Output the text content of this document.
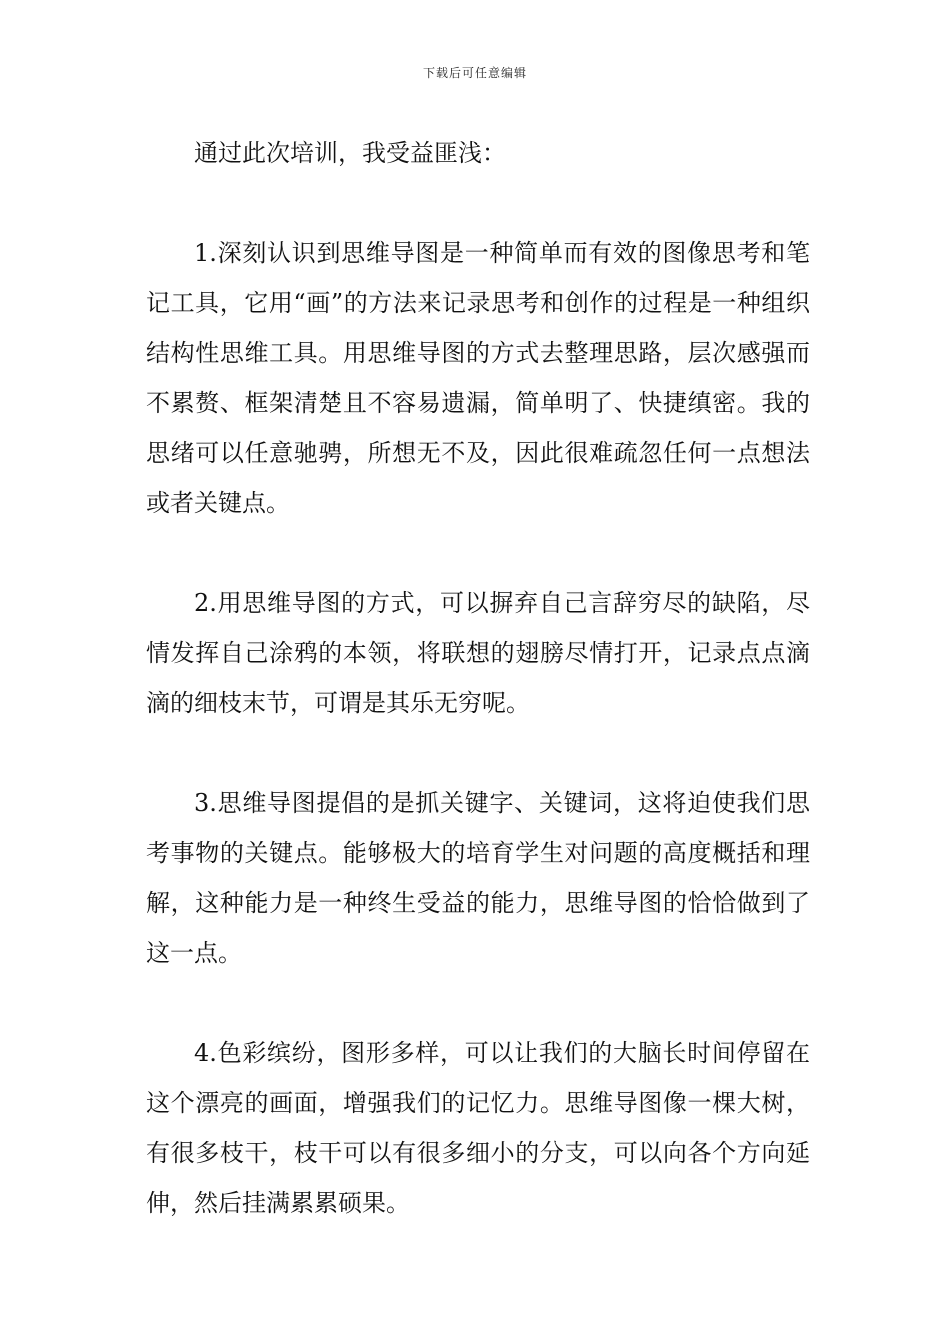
下载后可任意编辑

通过此次培训，我受益匪浅：

1.深刻认识到思维导图是一种简单而有效的图像思考和笔记工具，它用“画”的方法来记录思考和创作的过程是一种组织结构性思维工具。用思维导图的方式去整理思路，层次感强而不累赘、框架清楚且不容易遗漏，简单明了、快捷缜密。我的思绪可以任意驰骋，所想无不及，因此很难疏忽任何一点想法或者关键点。

2.用思维导图的方式，可以摒弃自己言辞穷尽的缺陷，尽情发挥自己涂鸦的本领，将联想的翅膀尽情打开，记录点点滴滴的细枝末节，可谓是其乐无穷呢。

3.思维导图提倡的是抓关键字、关键词，这将迫使我们思考事物的关键点。能够极大的培育学生对问题的高度概括和理解，这种能力是一种终生受益的能力，思维导图的恰恰做到了这一点。

4.色彩缤纷，图形多样，可以让我们的大脑长时间停留在这个漂亮的画面，增强我们的记忆力。思维导图像一棵大树，有很多枝干，枝干可以有很多细小的分支，可以向各个方向延伸，然后挂满累累硕果。
